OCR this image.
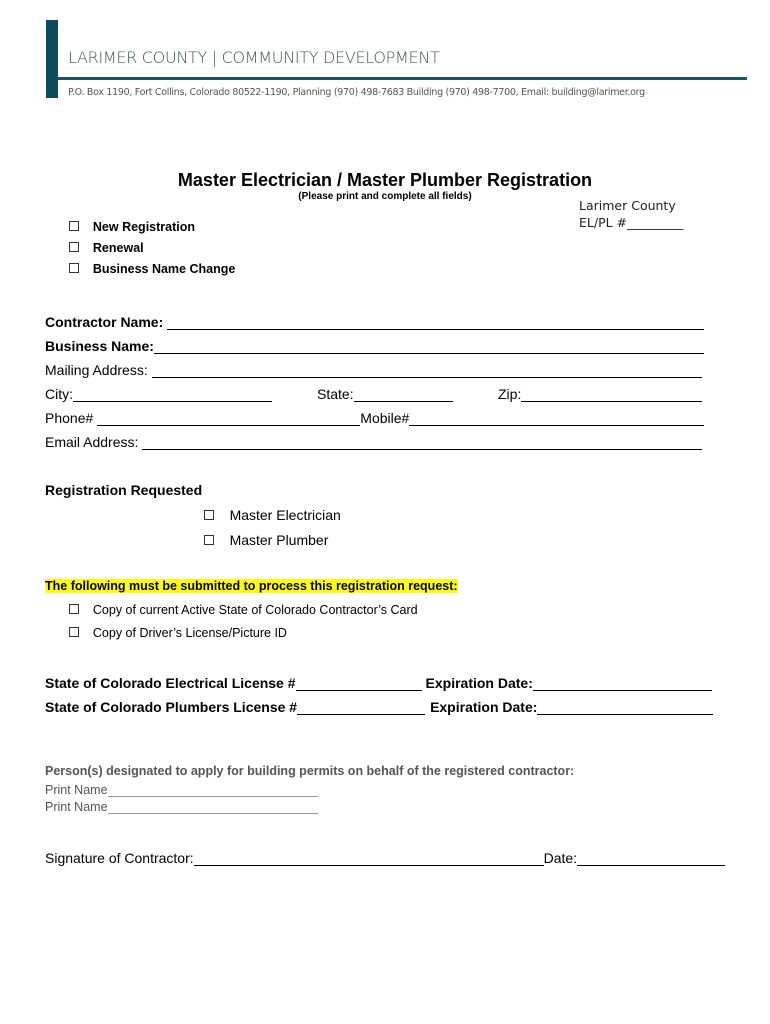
LARIMER COUNTY | COMMUNITY DEVELOPMENT
P.O. Box 1190, Fort Collins, Colorado 80522-1190, Planning (970) 498-7683 Building (970) 498-7700, Email: building@larimer.org
Master Electrician / Master Plumber Registration
(Please print and complete all fields)
Larimer County
EL/PL #_________
New Registration
Renewal
Business Name Change
Contractor Name:
Business Name:
Mailing Address:
City:	State:	Zip:
Phone#	Mobile#
Email Address:
Registration Requested
Master Electrician
Master Plumber
The following must be submitted to process this registration request:
Copy of current Active State of Colorado Contractor’s Card
Copy of Driver’s License/Picture ID
State of Colorado Electrical License #	Expiration Date:
State of Colorado Plumbers License #	Expiration Date:
Person(s) designated to apply for building permits on behalf of the registered contractor:
Print Name
Print Name
Signature of Contractor:	Date:
